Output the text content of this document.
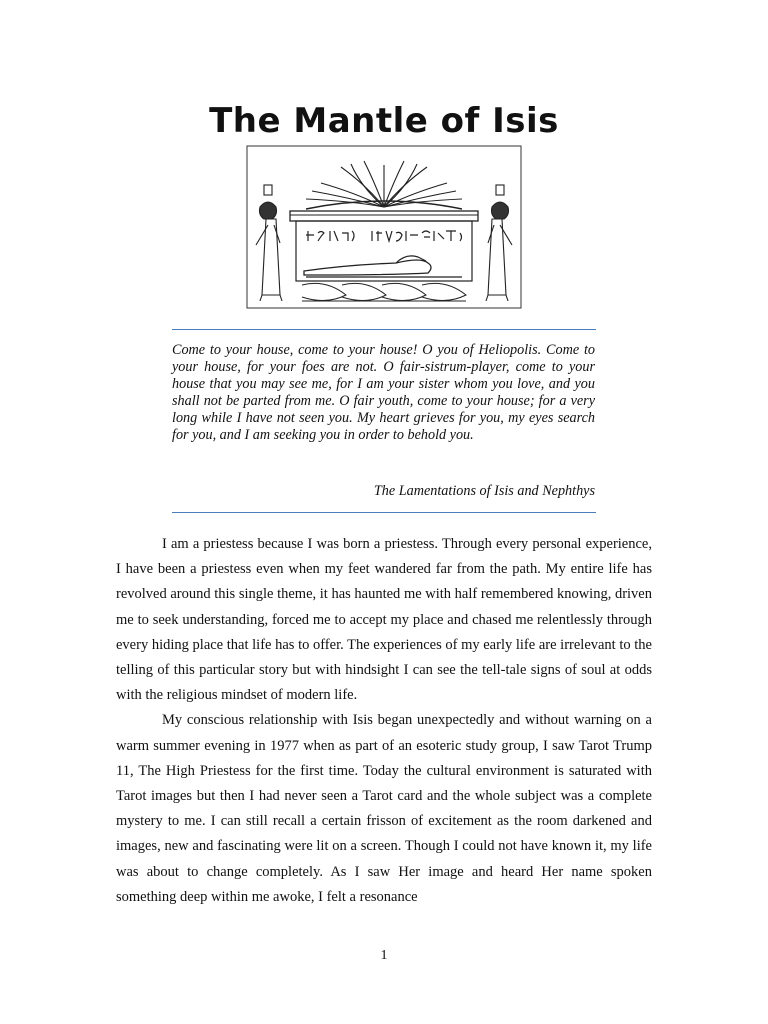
The Mantle of Isis

Come to your house, come to your house! O you of Heliopolis. Come to your house, for your foes are not. O fair-sistrum-player, come to your house that you may see me, for I am your sister whom you love, and you shall not be parted from me. O fair youth, come to your house; for a very long while I have not seen you. My heart grieves for you, my eyes search for you, and I am seeking you in order to behold you.

The Lamentations of Isis and Nephthys

I am a priestess because I was born a priestess. Through every personal experience, I have been a priestess even when my feet wandered far from the path. My entire life has revolved around this single theme, it has haunted me with half remembered knowing, driven me to seek understanding, forced me to accept my place and chased me relentlessly through every hiding place that life has to offer. The experiences of my early life are irrelevant to the telling of this particular story but with hindsight I can see the tell-tale signs of soul at odds with the religious mindset of modern life.

My conscious relationship with Isis began unexpectedly and without warning on a warm summer evening in 1977 when as part of an esoteric study group, I saw Tarot Trump 11, The High Priestess for the first time. Today the cultural environment is saturated with Tarot images but then I had never seen a Tarot card and the whole subject was a complete mystery to me. I can still recall a certain frisson of excitement as the room darkened and images, new and fascinating were lit on a screen. Though I could not have known it, my life was about to change completely. As I saw Her image and heard Her name spoken something deep within me awoke, I felt a resonance

1
